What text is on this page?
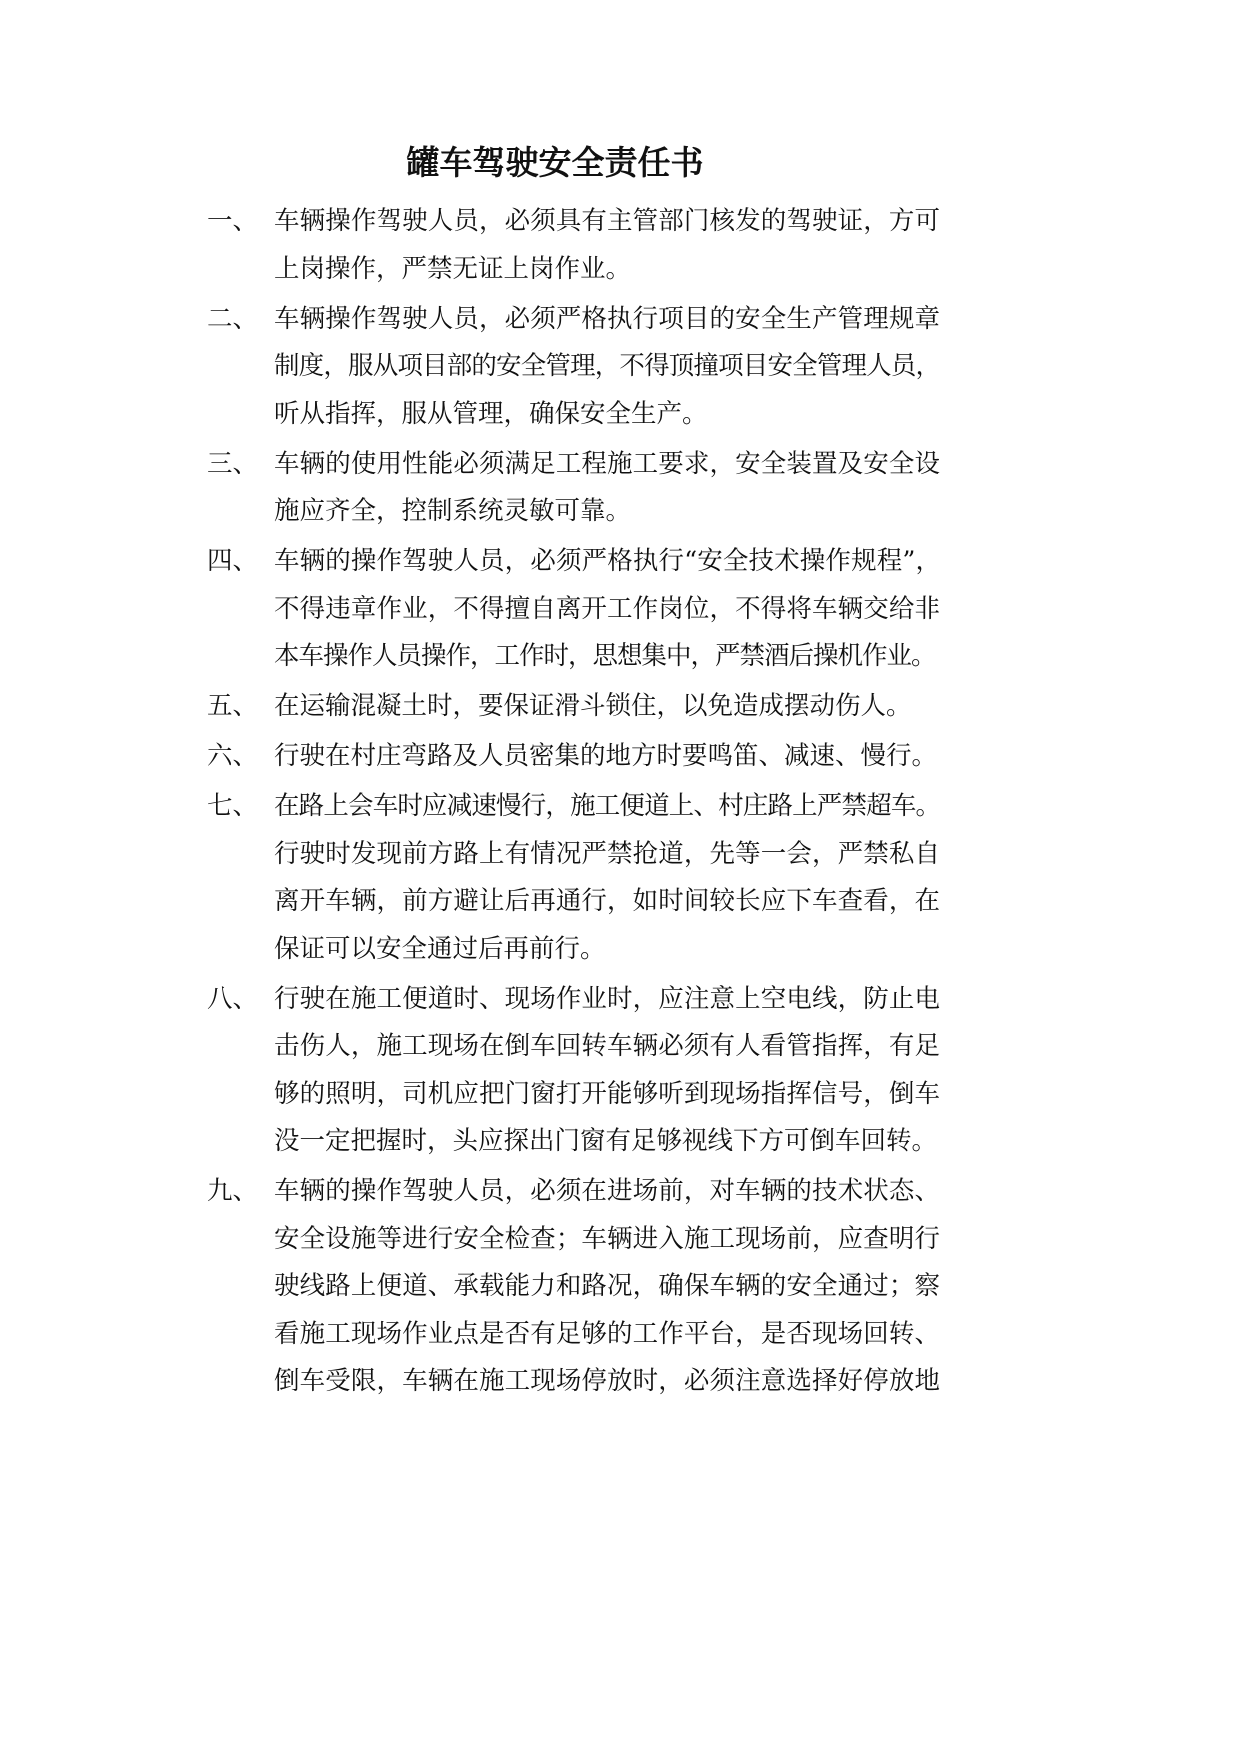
罐车驾驶安全责任书
一、 车辆操作驾驶人员，必须具有主管部门核发的驾驶证，方可
上岗操作，严禁无证上岗作业。
二、 车辆操作驾驶人员，必须严格执行项目的安全生产管理规章
制度，服从项目部的安全管理，不得顶撞项目安全管理人员，
听从指挥，服从管理，确保安全生产。
三、 车辆的使用性能必须满足工程施工要求，安全装置及安全设
施应齐全，控制系统灵敏可靠。
四、 车辆的操作驾驶人员，必须严格执行“安全技术操作规程”，
不得违章作业，不得擅自离开工作岗位，不得将车辆交给非
本车操作人员操作，工作时，思想集中，严禁酒后操机作业。
五、 在运输混凝土时，要保证滑斗锁住，以免造成摆动伤人。
六、 行驶在村庄弯路及人员密集的地方时要鸣笛、减速、慢行。
七、 在路上会车时应减速慢行，施工便道上、村庄路上严禁超车。
行驶时发现前方路上有情况严禁抢道，先等一会，严禁私自
离开车辆，前方避让后再通行，如时间较长应下车查看，在
保证可以安全通过后再前行。
八、 行驶在施工便道时、现场作业时，应注意上空电线，防止电
击伤人，施工现场在倒车回转车辆必须有人看管指挥，有足
够的照明，司机应把门窗打开能够听到现场指挥信号，倒车
没一定把握时，头应探出门窗有足够视线下方可倒车回转。
九、 车辆的操作驾驶人员，必须在进场前，对车辆的技术状态、
安全设施等进行安全检查；车辆进入施工现场前，应查明行
驶线路上便道、承载能力和路况，确保车辆的安全通过；察
看施工现场作业点是否有足够的工作平台，是否现场回转、
倒车受限，车辆在施工现场停放时，必须注意选择好停放地
